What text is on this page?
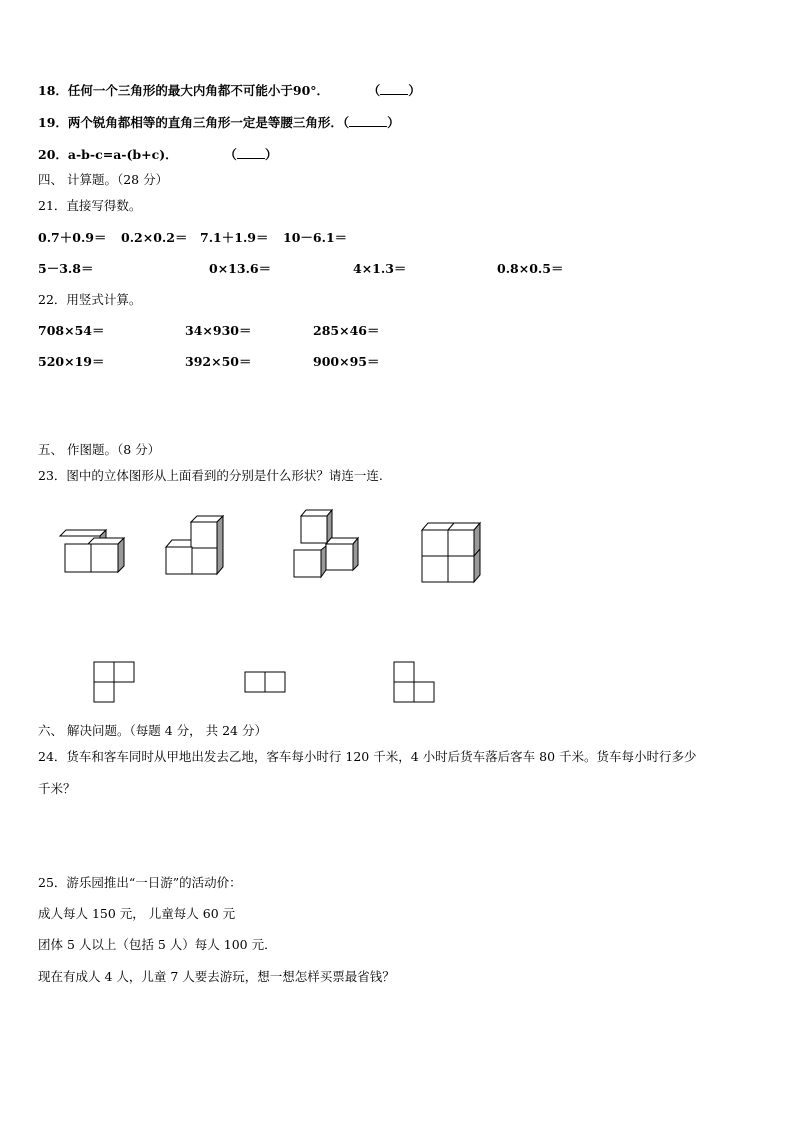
18．任何一个三角形的最大内角都不可能小于90°．	（ ）
19．两个锐角都相等的直角三角形一定是等腰三角形．（	）
20．a-b-c=a-(b+c)．	（ ）
四、 计算题。（28 分）
21．直接写得数。
0.7＋0.9＝ 0.2×0.2＝ 7.1＋1.9＝ 10－6.1＝
5－3.8＝	0×13.6＝	4×1.3＝	0.8×0.5＝
22．用竖式计算。
708×54＝	34×930＝	285×46＝
520×19＝	392×50＝	900×95＝
五、 作图题。（8 分）
23．图中的立体图形从上面看到的分别是什么形状？请连一连.
六、 解决问题。（每题 4 分， 共 24 分）
24．货车和客车同时从甲地出发去乙地，客车每小时行 120 千米，4 小时后货车落后客车 80 千米。货车每小时行多少
千米？
25．游乐园推出“一日游”的活动价：
成人每人 150 元， 儿童每人 60 元
团体 5 人以上（包括 5 人）每人 100 元．
现在有成人 4 人，儿童 7 人要去游玩，想一想怎样买票最省钱？
